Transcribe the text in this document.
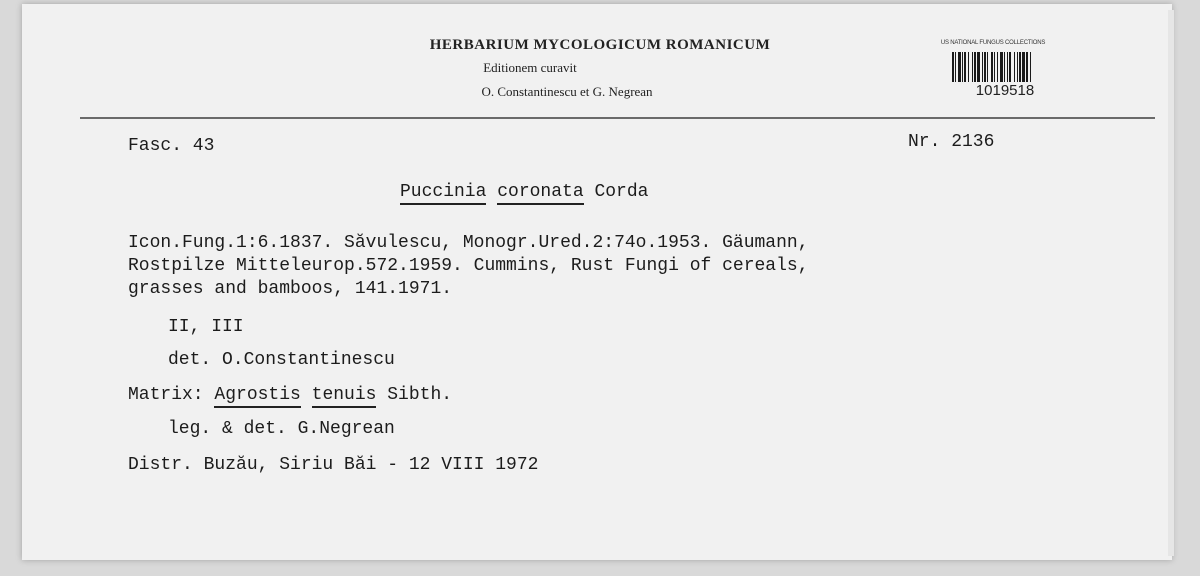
HERBARIUM MYCOLOGICUM ROMANICUM
Editionem curavit
O. Constantinescu et G. Negrean
US NATIONAL FUNGUS COLLECTIONS
1019518
Fasc. 43	Nr. 2136
Puccinia coronata Corda
Icon.Fung.1:6.1837. Săvulescu, Monogr.Ured.2:74o.1953. Gäumann,
Rostpilze Mitteleurop.572.1959. Cummins, Rust Fungi of cereals,
grasses and bamboos, 141.1971.
II, III
det. O.Constantinescu
Matrix: Agrostis tenuis Sibth.
leg. & det. G.Negrean
Distr. Buzău, Siriu Băi - 12 VIII 1972
